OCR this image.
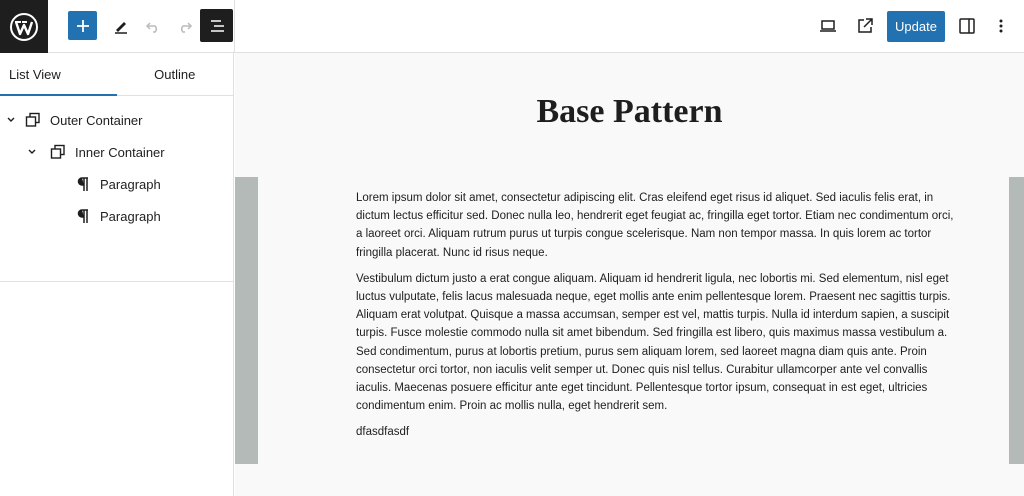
Update
List View	Outline
Outer Container
Inner Container
Paragraph
Paragraph
Base Pattern

Lorem ipsum dolor sit amet, consectetur adipiscing elit. Cras eleifend eget risus id aliquet. Sed iaculis felis erat, in dictum lectus efficitur sed. Donec nulla leo, hendrerit eget feugiat ac, fringilla eget tortor. Etiam nec condimentum orci, a laoreet orci. Aliquam rutrum purus ut turpis congue scelerisque. Nam non tempor massa. In quis lorem ac tortor fringilla placerat. Nunc id risus neque.

Vestibulum dictum justo a erat congue aliquam. Aliquam id hendrerit ligula, nec lobortis mi. Sed elementum, nisl eget luctus vulputate, felis lacus malesuada neque, eget mollis ante enim pellentesque lorem. Praesent nec sagittis turpis. Aliquam erat volutpat. Quisque a massa accumsan, semper est vel, mattis turpis. Nulla id interdum sapien, a suscipit turpis. Fusce molestie commodo nulla sit amet bibendum. Sed fringilla est libero, quis maximus massa vestibulum a. Sed condimentum, purus at lobortis pretium, purus sem aliquam lorem, sed laoreet magna diam quis ante. Proin consectetur orci tortor, non iaculis velit semper ut. Donec quis nisl tellus. Curabitur ullamcorper ante vel convallis iaculis. Maecenas posuere efficitur ante eget tincidunt. Pellentesque tortor ipsum, consequat in est eget, ultricies condimentum enim. Proin ac mollis nulla, eget hendrerit sem.

dfasdfasdf
